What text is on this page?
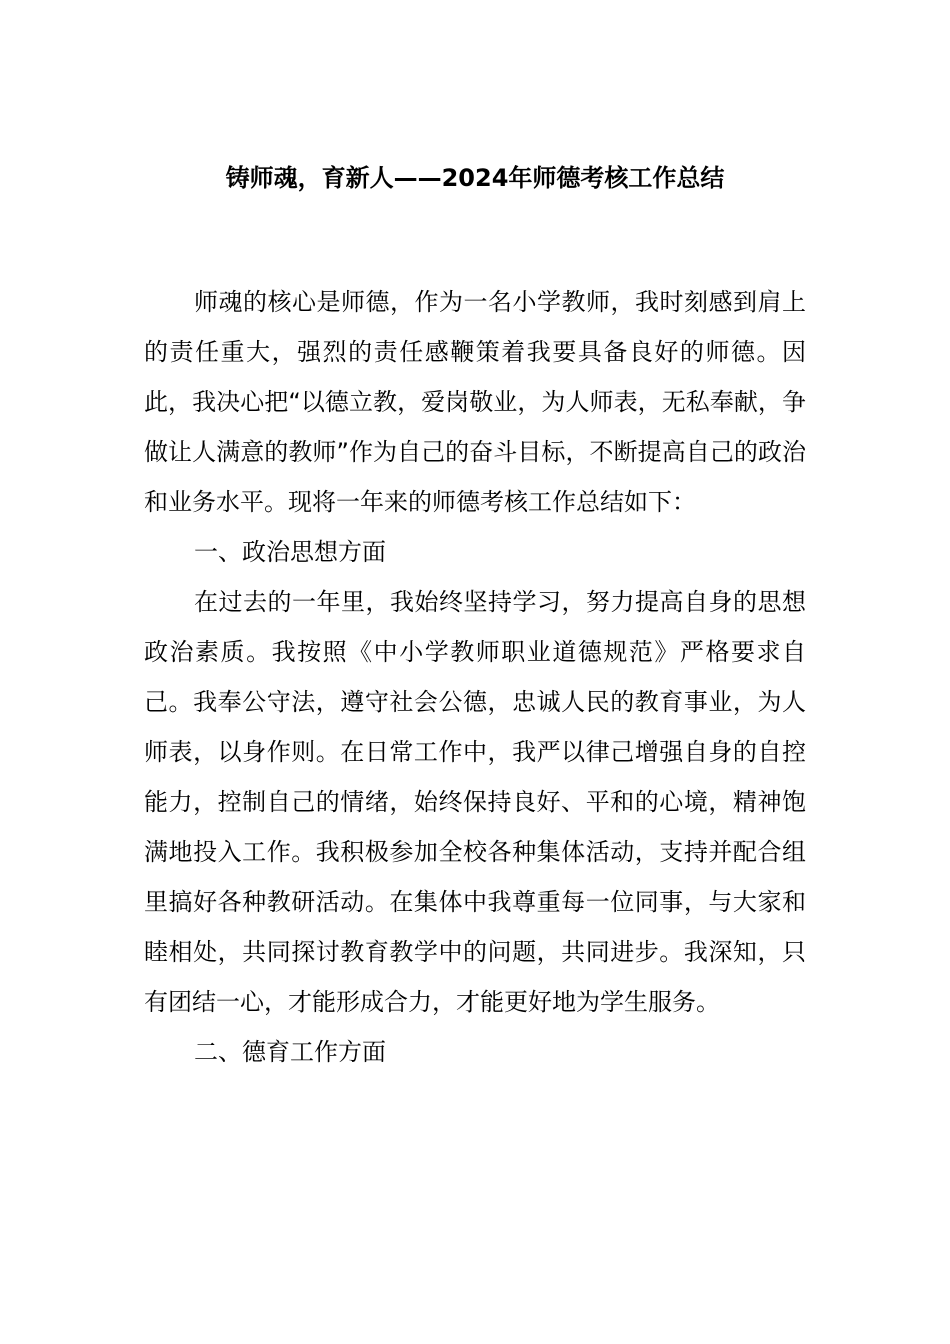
铸师魂，育新人——2024年师德考核工作总结

师魂的核心是师德，作为一名小学教师，我时刻感到肩上的责任重大，强烈的责任感鞭策着我要具备良好的师德。因此，我决心把“以德立教，爱岗敬业，为人师表，无私奉献，争做让人满意的教师”作为自己的奋斗目标，不断提高自己的政治和业务水平。现将一年来的师德考核工作总结如下：

一、政治思想方面

在过去的一年里，我始终坚持学习，努力提高自身的思想政治素质。我按照《中小学教师职业道德规范》严格要求自己。我奉公守法，遵守社会公德，忠诚人民的教育事业，为人师表，以身作则。在日常工作中，我严以律己增强自身的自控能力，控制自己的情绪，始终保持良好、平和的心境，精神饱满地投入工作。我积极参加全校各种集体活动，支持并配合组里搞好各种教研活动。在集体中我尊重每一位同事，与大家和睦相处，共同探讨教育教学中的问题，共同进步。我深知，只有团结一心，才能形成合力，才能更好地为学生服务。

二、德育工作方面
